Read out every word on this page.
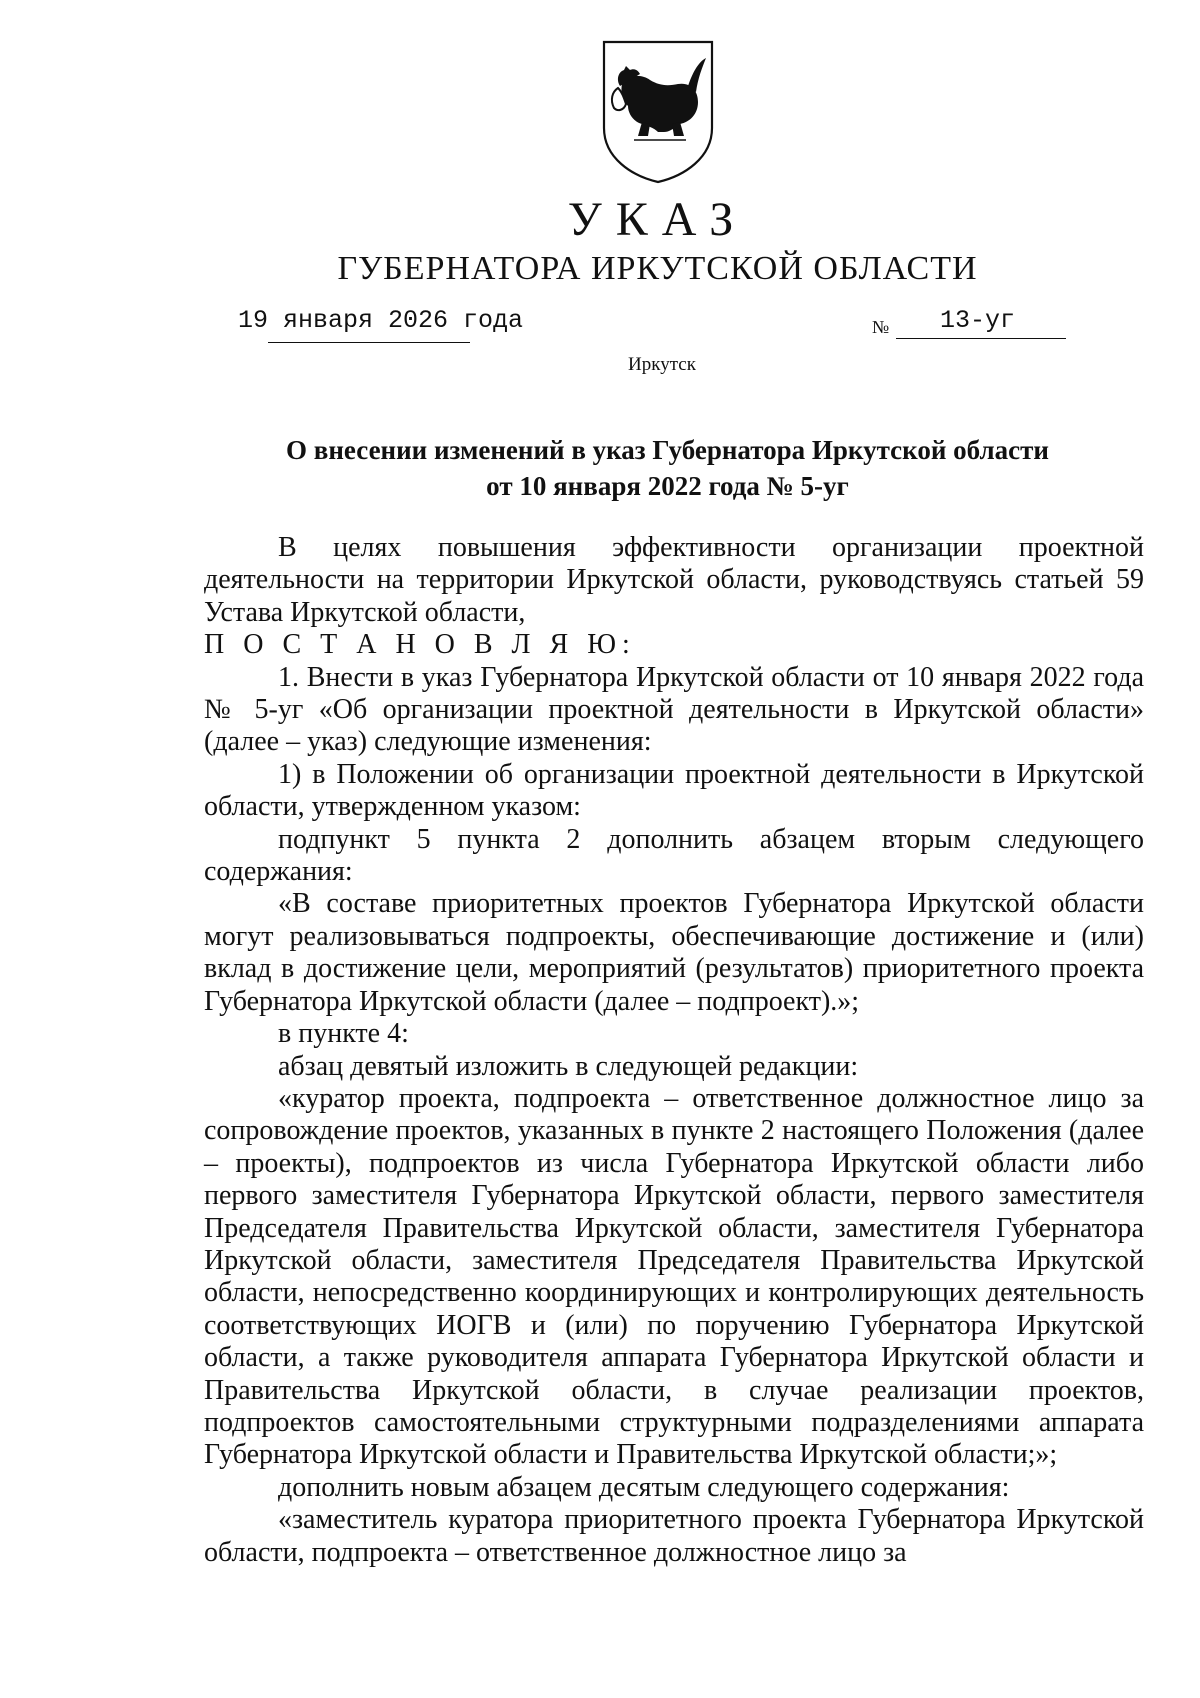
УКАЗ
ГУБЕРНАТОРА ИРКУТСКОЙ ОБЛАСТИ
19 января 2026 года	№ 13-уг
Иркутск
О внесении изменений в указ Губернатора Иркутской области
от 10 января 2022 года № 5-уг

В целях повышения эффективности организации проектной деятельности на территории Иркутской области, руководствуясь статьей 59 Устава Иркутской области,

П О С Т А Н О В Л Я Ю:

1. Внести в указ Губернатора Иркутской области от 10 января 2022 года № 5-уг «Об организации проектной деятельности в Иркутской области» (далее – указ) следующие изменения:

1) в Положении об организации проектной деятельности в Иркутской области, утвержденном указом:

подпункт 5 пункта 2 дополнить абзацем вторым следующего содержания:

«В составе приоритетных проектов Губернатора Иркутской области могут реализовываться подпроекты, обеспечивающие достижение и (или) вклад в достижение цели, мероприятий (результатов) приоритетного проекта Губернатора Иркутской области (далее – подпроект).»;

в пункте 4:

абзац девятый изложить в следующей редакции:

«куратор проекта, подпроекта – ответственное должностное лицо за сопровождение проектов, указанных в пункте 2 настоящего Положения (далее – проекты), подпроектов из числа Губернатора Иркутской области либо первого заместителя Губернатора Иркутской области, первого заместителя Председателя Правительства Иркутской области, заместителя Губернатора Иркутской области, заместителя Председателя Правительства Иркутской области, непосредственно координирующих и контролирующих деятельность соответствующих ИОГВ и (или) по поручению Губернатора Иркутской области, а также руководителя аппарата Губернатора Иркутской области и Правительства Иркутской области, в случае реализации проектов, подпроектов самостоятельными структурными подразделениями аппарата Губернатора Иркутской области и Правительства Иркутской области;»;

дополнить новым абзацем десятым следующего содержания:

«заместитель куратора приоритетного проекта Губернатора Иркутской области, подпроекта – ответственное должностное лицо за
